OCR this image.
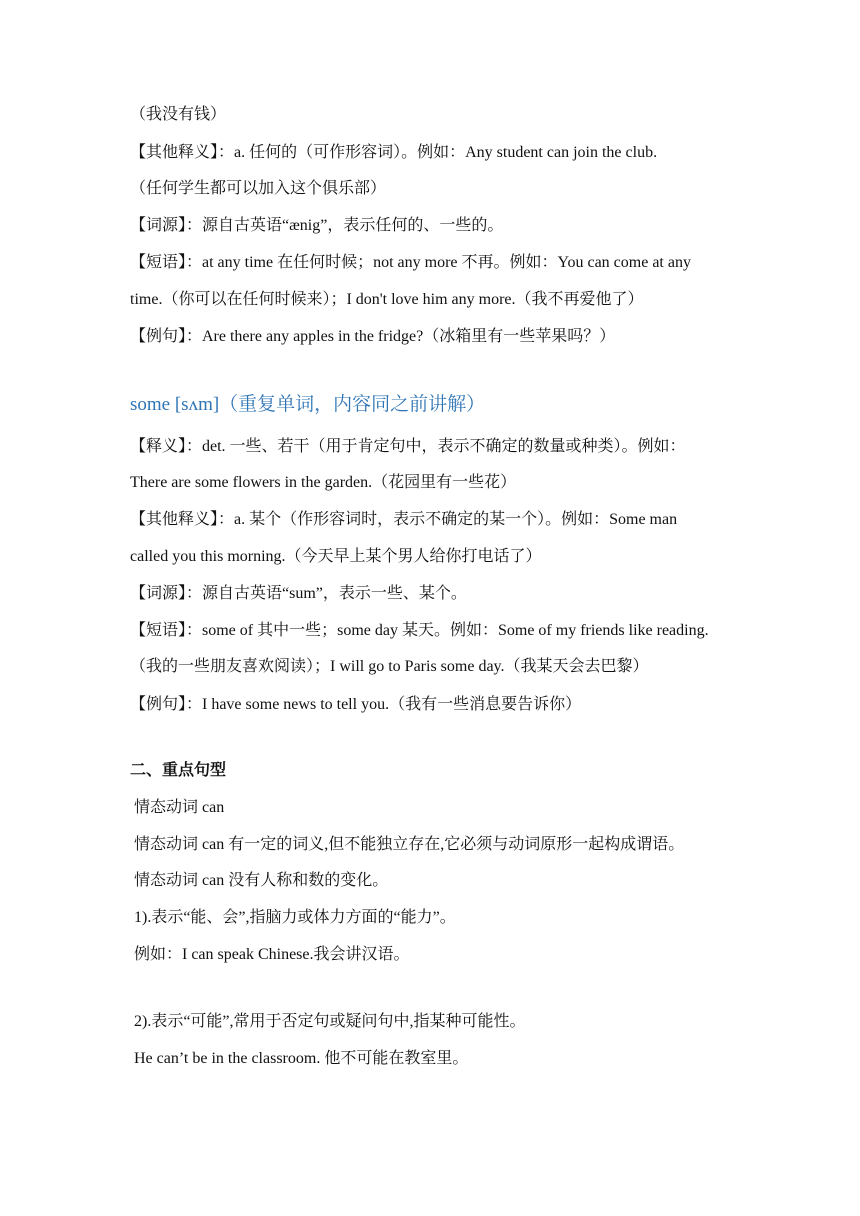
（我没有钱）
【其他释义】：a. 任何的（可作形容词）。例如：Any student can join the club.
（任何学生都可以加入这个俱乐部）
【词源】：源自古英语“ænig”，表示任何的、一些的。
【短语】：at any time 在任何时候；not any more 不再。例如：You can come at any
time.（你可以在任何时候来）；I don't love him any more.（我不再爱他了）
【例句】：Are there any apples in the fridge?（冰箱里有一些苹果吗？）
some [sʌm]（重复单词，内容同之前讲解）
【释义】：det. 一些、若干（用于肯定句中，表示不确定的数量或种类）。例如：
There are some flowers in the garden.（花园里有一些花）
【其他释义】：a. 某个（作形容词时，表示不确定的某一个）。例如：Some man
called you this morning.（今天早上某个男人给你打电话了）
【词源】：源自古英语“sum”，表示一些、某个。
【短语】：some of 其中一些；some day 某天。例如：Some of my friends like reading.
（我的一些朋友喜欢阅读）；I will go to Paris some day.（我某天会去巴黎）
【例句】：I have some news to tell you.（我有一些消息要告诉你）
二、重点句型
情态动词 can
情态动词 can 有一定的词义,但不能独立存在,它必须与动词原形一起构成谓语。
情态动词 can 没有人称和数的变化。
1).表示“能、会”,指脑力或体力方面的“能力”。
例如：I can speak Chinese.我会讲汉语。
2).表示“可能”,常用于否定句或疑问句中,指某种可能性。
He can’t be in the classroom. 他不可能在教室里。
